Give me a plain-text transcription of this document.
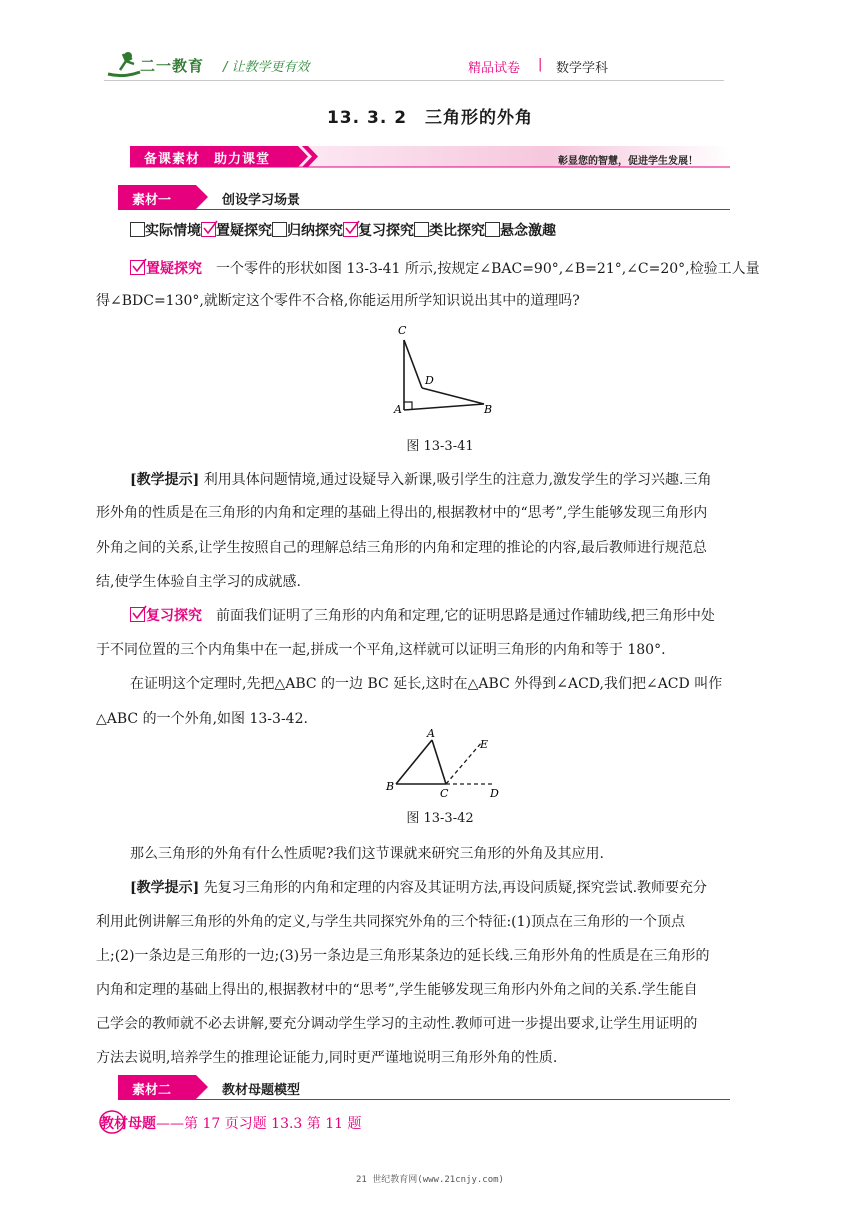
二一教育 / 让教学更有效	精品试卷 | 数学学科
13. 3. 2　三角形的外角
备课素材　助力课堂	彰显您的智慧，促进学生发展！
素材一	创设学习场景
实际情境 置疑探究 归纳探究 复习探究 类比探究 悬念激趣
置疑探究　一个零件的形状如图 13-3-41 所示,按规定∠BAC=90°,∠B=21°,∠C=20°,检验工人量
得∠BDC=130°,就断定这个零件不合格,你能运用所学知识说出其中的道理吗?
C
D
A	B
图 13-3-41
[教学提示] 利用具体问题情境,通过设疑导入新课,吸引学生的注意力,激发学生的学习兴趣.三角
形外角的性质是在三角形的内角和定理的基础上得出的,根据教材中的“思考”,学生能够发现三角形内
外角之间的关系,让学生按照自己的理解总结三角形的内角和定理的推论的内容,最后教师进行规范总
结,使学生体验自主学习的成就感.
复习探究　前面我们证明了三角形的内角和定理,它的证明思路是通过作辅助线,把三角形中处
于不同位置的三个内角集中在一起,拼成一个平角,这样就可以证明三角形的内角和等于 180°.
在证明这个定理时,先把△ABC 的一边 BC 延长,这时在△ABC 外得到∠ACD,我们把∠ACD 叫作
△ABC 的一个外角,如图 13-3-42.
A
E
B
C	D
图 13-3-42
那么三角形的外角有什么性质呢?我们这节课就来研究三角形的外角及其应用.
[教学提示] 先复习三角形的内角和定理的内容及其证明方法,再设问质疑,探究尝试.教师要充分
利用此例讲解三角形的外角的定义,与学生共同探究外角的三个特征:(1)顶点在三角形的一个顶点
上;(2)一条边是三角形的一边;(3)另一条边是三角形某条边的延长线.三角形外角的性质是在三角形的
内角和定理的基础上得出的,根据教材中的“思考”,学生能够发现三角形内外角之间的关系.学生能自
己学会的教师就不必去讲解,要充分调动学生学习的主动性.教师可进一步提出要求,让学生用证明的
方法去说明,培养学生的推理论证能力,同时更严谨地说明三角形外角的性质.
素材二	教材母题模型
教材母题——第 17 页习题 13.3 第 11 题
21 世纪教育网(www.21cnjy.com)
